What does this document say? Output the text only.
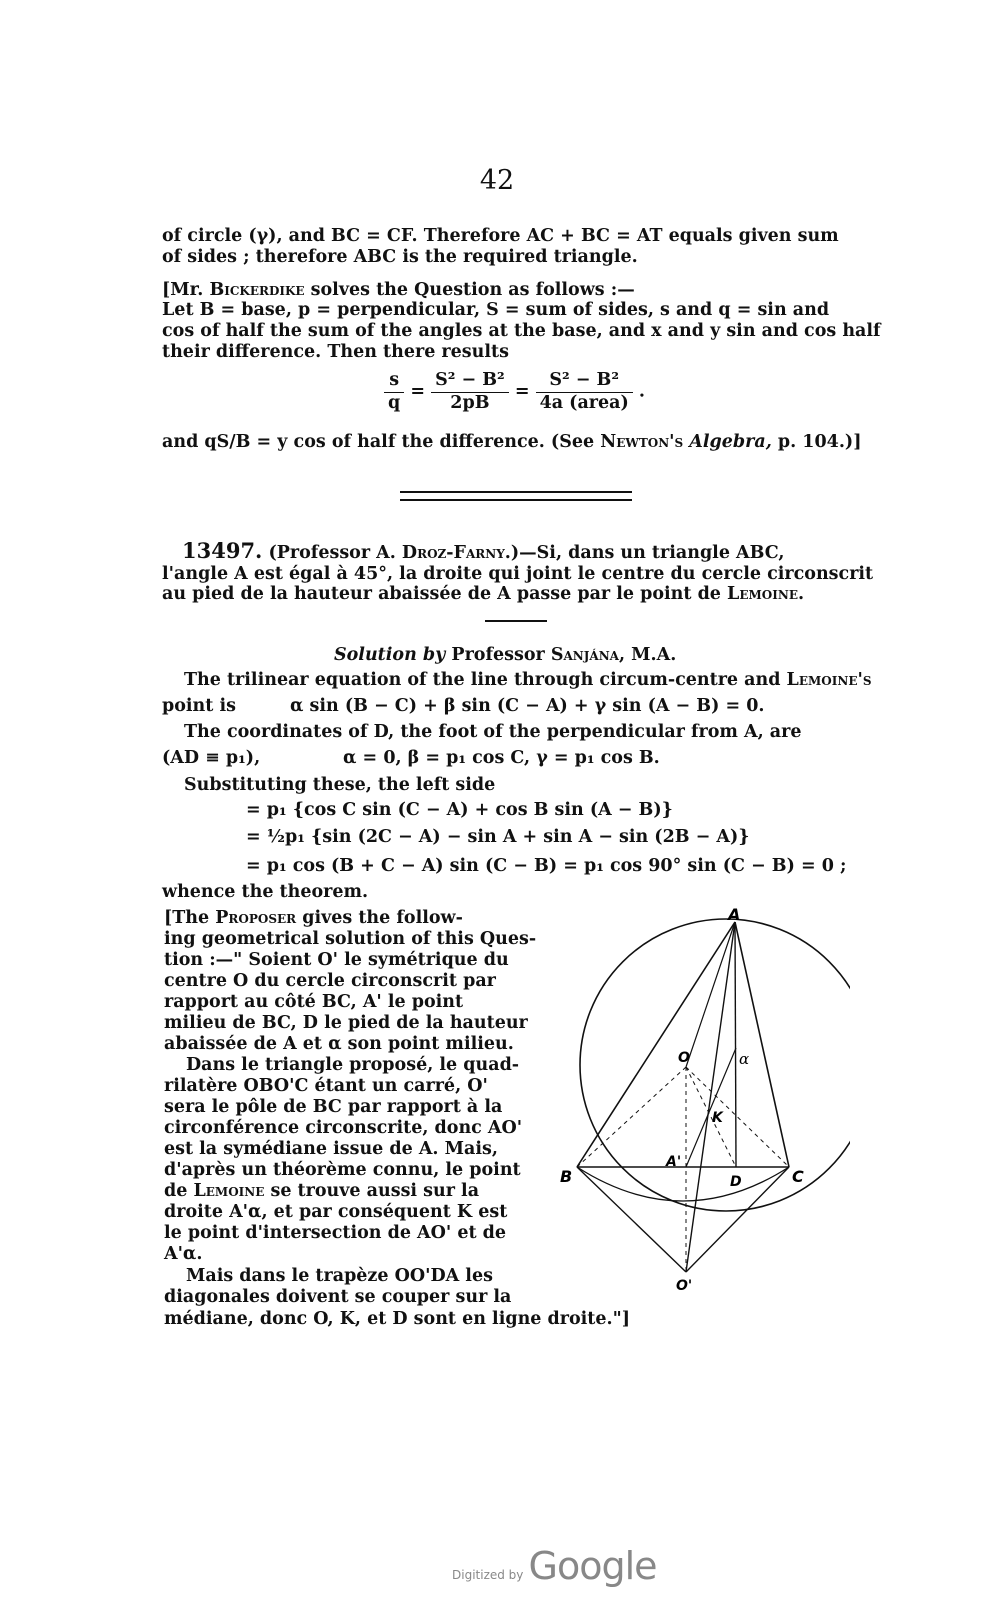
42
of circle (γ), and BC = CF. Therefore AC + BC = AT equals given sum
of sides ; therefore ABC is the required triangle.
[Mr. Bickerdike solves the Question as follows :—
Let B = base, p = perpendicular, S = sum of sides, s and q = sin and
cos of half the sum of the angles at the base, and x and y sin and cos half
their difference. Then there results
$\frac{s}{q} = \frac{\text{S² − B²}}{2pB} = \frac{\text{S² − B²}}{\text{4a (area)}}$ .
and qS/B = y cos of half the difference. (See Newton's Algebra, p. 104.)]
13497. (Professor A. Droz-Farny.)—Si, dans un triangle ABC,
l'angle A est égal à 45°, la droite qui joint le centre du cercle circonscrit
au pied de la hauteur abaissée de A passe par le point de Lemoine.
Solution by Professor Sanjána, M.A.
The trilinear equation of the line through circum-centre and Lemoine's
point is	α sin (B − C) + β sin (C − A) + γ sin (A − B) = 0.
The coordinates of D, the foot of the perpendicular from A, are
(AD ≡ p₁),	α = 0, β = p₁ cos C, γ = p₁ cos B.
Substituting these, the left side
= p₁ {cos C sin (C − A) + cos B sin (A − B)}
= ½p₁ {sin (2C − A) − sin A + sin A − sin (2B − A)}
= p₁ cos (B + C − A) sin (C − B) = p₁ cos 90° sin (C − B) = 0 ;
whence the theorem.
[The Proposer gives the follow-
ing geometrical solution of this Ques-
tion :—" Soient O' le symétrique du
centre O du cercle circonscrit par
rapport au côté BC, A' le point
milieu de BC, D le pied de la hauteur
abaissée de A et α son point milieu.
Dans le triangle proposé, le quad-
rilatère OBO'C étant un carré, O'
sera le pôle de BC par rapport à la
circonférence circonscrite, donc AO'
est la symédiane issue de A. Mais,
d'après un théorème connu, le point
de Lemoine se trouve aussi sur la
droite A'α, et par conséquent K est
le point d'intersection de AO' et de
A'α.
Mais dans le trapèze OO'DA les
diagonales doivent se couper sur la
médiane, donc O, K, et D sont en ligne droite."]
A
B	C
D
O
O'
A'
K
α
Digitized by Google
